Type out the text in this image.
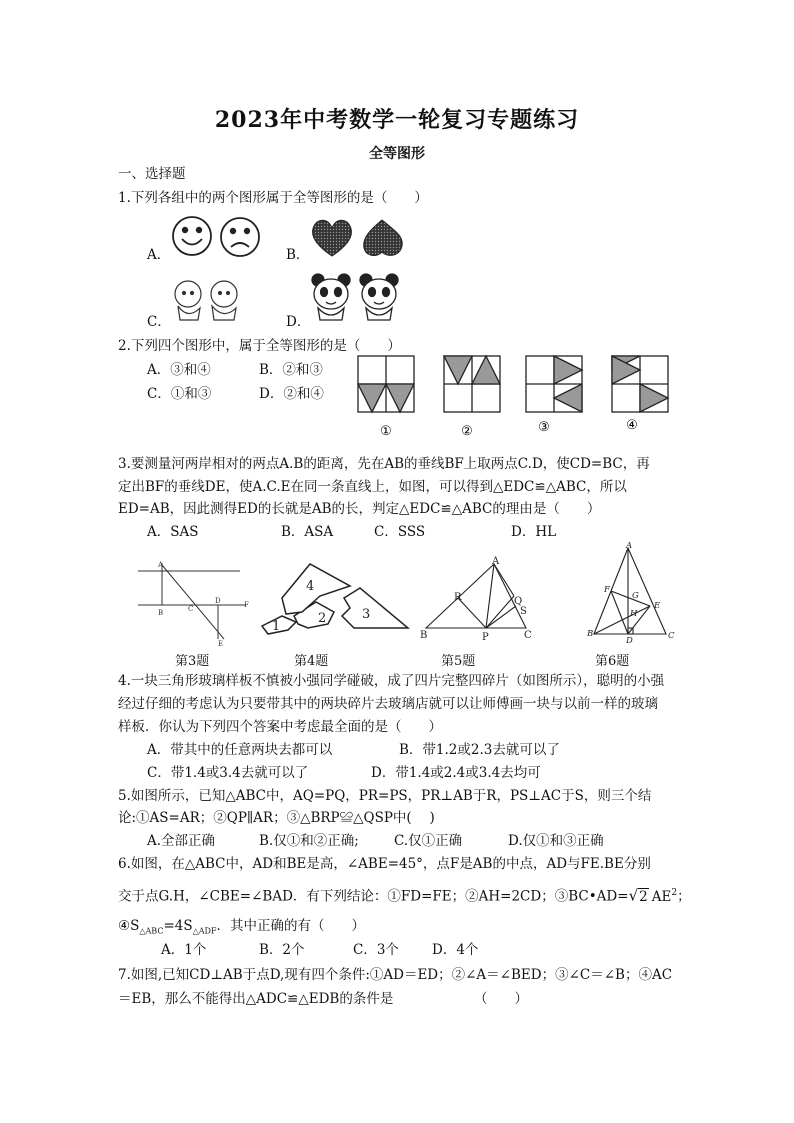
2023年中考数学一轮复习专题练习
全等图形
一、选择题
1.下列各组中的两个图形属于全等图形的是（　　）
A．	B．
C．	D．
2.下列四个图形中，属于全等图形的是（　　）
A．③和④	B．②和③
C．①和③	D．②和④
①	②	③	④
3.要测量河两岸相对的两点A.B的距离，先在AB的垂线BF上取两点C.D，使CD=BC，再
定出BF的垂线DE，使A.C.E在同一条直线上，如图，可以得到△EDC≌△ABC，所以
ED=AB，因此测得ED的长就是AB的长，判定△EDC≌△ABC的理由是（　　）
A．SAS	B．ASA	C．SSS	D．HL
A
B	C
D	F
E
1
2	3
4
A
R	Q
S
B	P	C
A
F
G
H
E
B
D	C
第3题	第4题	第5题	第6题
4.一块三角形玻璃样板不慎被小强同学碰破，成了四片完整四碎片（如图所示），聪明的小强
经过仔细的考虑认为只要带其中的两块碎片去玻璃店就可以让师傅画一块与以前一样的玻璃
样板．你认为下列四个答案中考虑最全面的是（　　）
A．带其中的任意两块去都可以	B．带1.2或2.3去就可以了
C．带1.4或3.4去就可以了	D．带1.4或2.4或3.4去均可
5.如图所示，已知△ABC中，AQ=PQ，PR=PS，PR⊥AB于R，PS⊥AC于S，则三个结
论:①AS=AR；②QP∥AR；③△BRP≌△QSP中(　 )
A.全部正确	B.仅①和②正确;	C.仅①正确	D.仅①和③正确
6.如图，在△ABC中，AD和BE是高，∠ABE=45°，点F是AB的中点，AD与FE.BE分别
交于点G.H，∠CBE=∠BAD．有下列结论：①FD=FE；②AH=2CD；③BC•AD=√2 $AE^2$；
$④S_{\triangle ABC}=4S_{\triangle ADF}$．其中正确的有（　　）
A．1个	B．2个	C．3个 D．4个
7.如图,已知CD⊥AB于点D,现有四个条件:①AD＝ED；②∠A＝∠BED；③∠C＝∠B；④AC
＝EB，那么不能得出△ADC≌△EDB的条件是	（　　）
